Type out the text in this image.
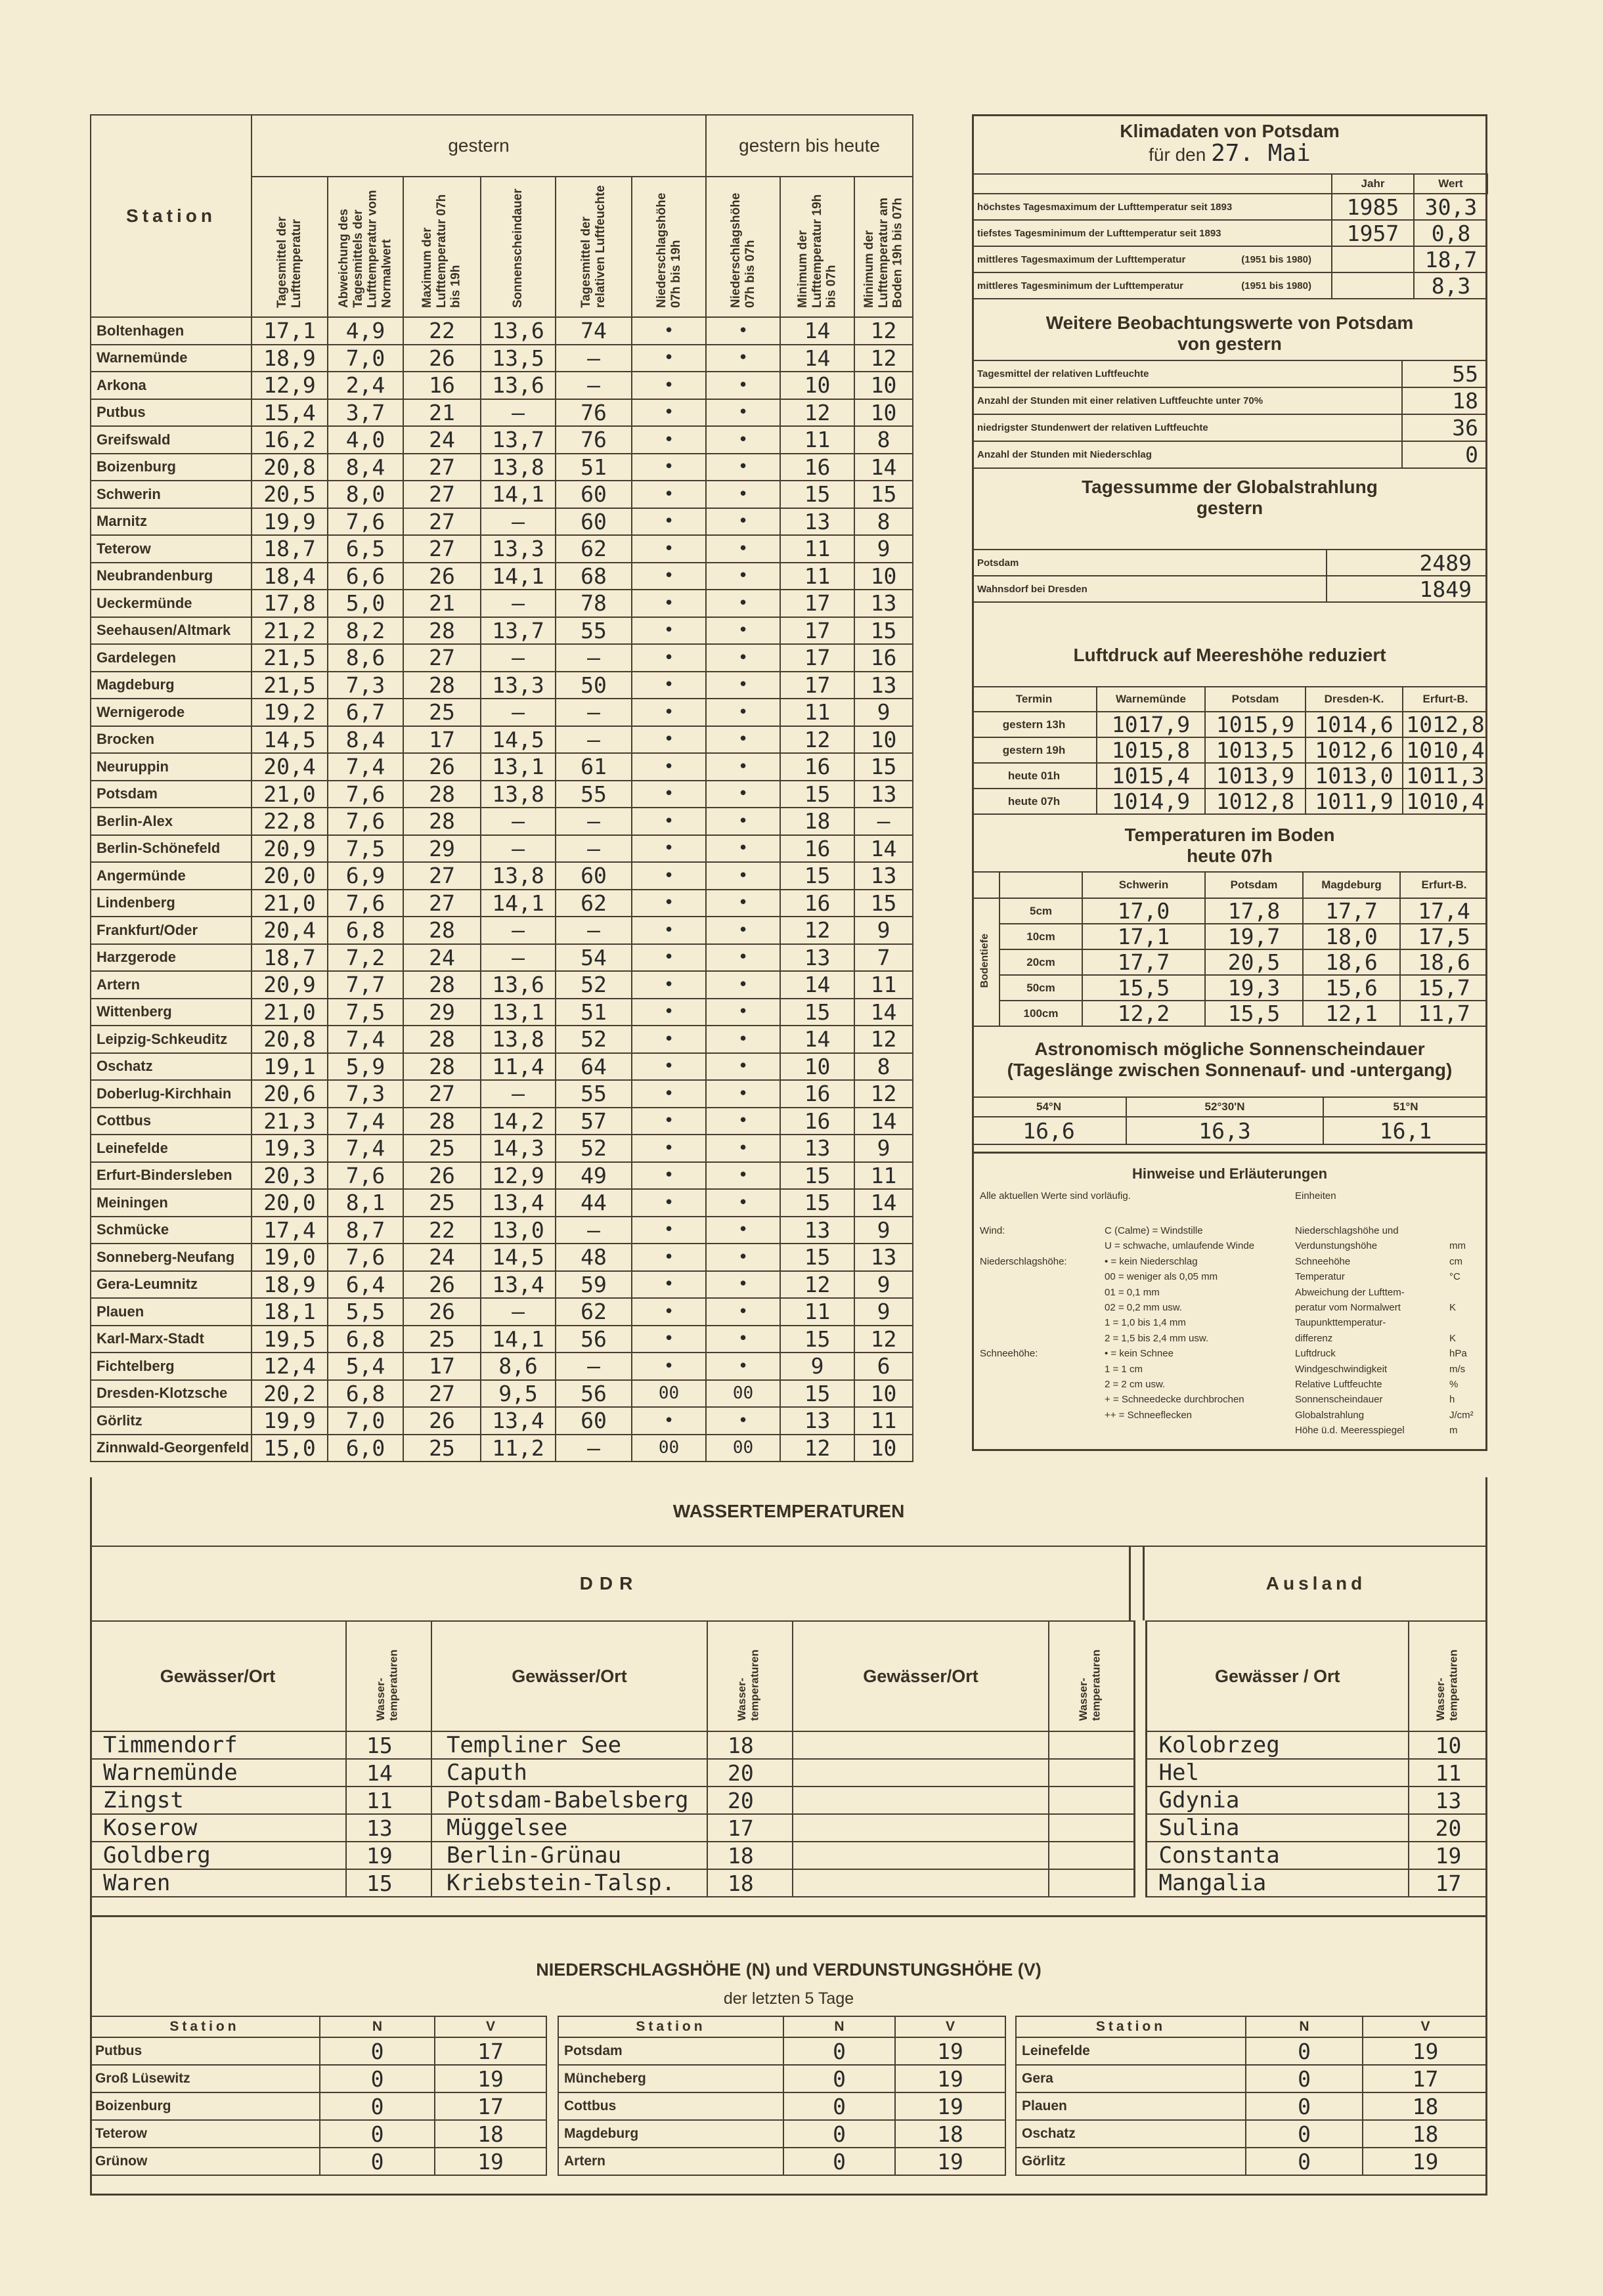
Station	gestern						gestern bis heute		
	Tagesmittel der Lufttemperatur	Abweichung des Tagesmittels der Lufttemperatur vom Normalwert	Maximum der Lufttemperatur 07h bis 19h	Sonnenscheindauer	Tagesmittel der relativen Luftfeuchte	Niederschlagshöhe 07h bis 19h	Niederschlagshöhe 07h bis 07h	Minimum der Lufttemperatur 19h bis 07h	Minimum der Lufttemperatur am Boden 19h bis 07h
Boltenhagen	17,1	4,9	22	13,6	74	•	•	14	12
Warnemünde	18,9	7,0	26	13,5	–	•	•	14	12
Arkona	12,9	2,4	16	13,6	–	•	•	10	10
Putbus	15,4	3,7	21	–	76	•	•	12	10
Greifswald	16,2	4,0	24	13,7	76	•	•	11	8
Boizenburg	20,8	8,4	27	13,8	51	•	•	16	14
Schwerin	20,5	8,0	27	14,1	60	•	•	15	15
Marnitz	19,9	7,6	27	–	60	•	•	13	8
Teterow	18,7	6,5	27	13,3	62	•	•	11	9
Neubrandenburg	18,4	6,6	26	14,1	68	•	•	11	10
Ueckermünde	17,8	5,0	21	–	78	•	•	17	13
Seehausen/Altmark	21,2	8,2	28	13,7	55	•	•	17	15
Gardelegen	21,5	8,6	27	–	–	•	•	17	16
Magdeburg	21,5	7,3	28	13,3	50	•	•	17	13
Wernigerode	19,2	6,7	25	–	–	•	•	11	9
Brocken	14,5	8,4	17	14,5	–	•	•	12	10
Neuruppin	20,4	7,4	26	13,1	61	•	•	16	15
Potsdam	21,0	7,6	28	13,8	55	•	•	15	13
Berlin-Alex	22,8	7,6	28	–	–	•	•	18	–
Berlin-Schönefeld	20,9	7,5	29	–	–	•	•	16	14
Angermünde	20,0	6,9	27	13,8	60	•	•	15	13
Lindenberg	21,0	7,6	27	14,1	62	•	•	16	15
Frankfurt/Oder	20,4	6,8	28	–	–	•	•	12	9
Harzgerode	18,7	7,2	24	–	54	•	•	13	7
Artern	20,9	7,7	28	13,6	52	•	•	14	11
Wittenberg	21,0	7,5	29	13,1	51	•	•	15	14
Leipzig-Schkeuditz	20,8	7,4	28	13,8	52	•	•	14	12
Oschatz	19,1	5,9	28	11,4	64	•	•	10	8
Doberlug-Kirchhain	20,6	7,3	27	–	55	•	•	16	12
Cottbus	21,3	7,4	28	14,2	57	•	•	16	14
Leinefelde	19,3	7,4	25	14,3	52	•	•	13	9
Erfurt-Bindersleben	20,3	7,6	26	12,9	49	•	•	15	11
Meiningen	20,0	8,1	25	13,4	44	•	•	15	14
Schmücke	17,4	8,7	22	13,0	–	•	•	13	9
Sonneberg-Neufang	19,0	7,6	24	14,5	48	•	•	15	13
Gera-Leumnitz	18,9	6,4	26	13,4	59	•	•	12	9
Plauen	18,1	5,5	26	–	62	•	•	11	9
Karl-Marx-Stadt	19,5	6,8	25	14,1	56	•	•	15	12
Fichtelberg	12,4	5,4	17	8,6	–	•	•	9	6
Dresden-Klotzsche	20,2	6,8	27	9,5	56	00	00	15	10
Görlitz	19,9	7,0	26	13,4	60	•	•	13	11
Zinnwald-Georgenfeld	15,0	6,0	25	11,2	–	00	00	12	10
Klimadaten von Potsdam
für den 27. Mai
	Jahr	Wert
höchstes Tagesmaximum der Lufttemperatur seit 1893	1985	30,3
tiefstes Tagesminimum der Lufttemperatur seit 1893	1957	0,8
mittleres Tagesmaximum der Lufttemperatur (1951 bis 1980)		18,7
mittleres Tagesminimum der Lufttemperatur (1951 bis 1980)		8,3
Weitere Beobachtungswerte von Potsdam
von gestern
Tagesmittel der relativen Luftfeuchte	55
Anzahl der Stunden mit einer relativen Luftfeuchte unter 70%	18
niedrigster Stundenwert der relativen Luftfeuchte	36
Anzahl der Stunden mit Niederschlag	0
Tagessumme der Globalstrahlung
gestern
Potsdam	2489
Wahnsdorf bei Dresden	1849
Luftdruck auf Meereshöhe reduziert
Termin	Warnemünde	Potsdam	Dresden-K.	Erfurt-B.
gestern 13h	1017,9	1015,9	1014,6	1012,8
gestern 19h	1015,8	1013,5	1012,6	1010,4
heute 01h	1015,4	1013,9	1013,0	1011,3
heute 07h	1014,9	1012,8	1011,9	1010,4
Temperaturen im Boden
heute 07h
		Schwerin	Potsdam	Magdeburg	Erfurt-B.
Bodentiefe	5cm	17,0	17,8	17,7	17,4
	10cm	17,1	19,7	18,0	17,5
	20cm	17,7	20,5	18,6	18,6
	50cm	15,5	19,3	15,6	15,7
	100cm	12,2	15,5	12,1	11,7
Astronomisch mögliche Sonnenscheindauer
(Tageslänge zwischen Sonnenauf- und -untergang)
54°N	52°30'N	51°N
16,6	16,3	16,1
Hinweise und Erläuterungen
Alle aktuellen Werte sind vorläufig.	Einheiten
Wind:	C (Calme) = Windstille
U = schwache, umlaufende Winde
Niederschlagshöhe:	• = kein Niederschlag
00 = weniger als 0,05 mm
01 = 0,1 mm
02 = 0,2 mm usw.
1 = 1,0 bis 1,4 mm
2 = 1,5 bis 2,4 mm usw.
Schneehöhe:	• = kein Schnee
1 = 1 cm
2 = 2 cm usw.
+ = Schneedecke durchbrochen
++ = Schneeflecken
Niederschlagshöhe und
Verdunstungshöhe	mm
Schneehöhe	cm
Temperatur	°C
Abweichung der Lufttem-
peratur vom Normalwert	K
Taupunkttemperatur-
differenz	K
Luftdruck	hPa
Windgeschwindigkeit	m/s
Relative Luftfeuchte	%
Sonnenscheindauer	h
Globalstrahlung	J/cm²
Höhe ü.d. Meeresspiegel	m
WASSERTEMPERATUREN
DDR	Ausland
Gewässer/Ort	Wasser-temperaturen	Gewässer/Ort	Wasser-temperaturen	Gewässer/Ort	Wasser-temperaturen		Gewässer / Ort	Wasser-temperaturen
Timmendorf	15	Templiner See	18				Kolobrzeg	10
Warnemünde	14	Caputh	20				Hel	11
Zingst	11	Potsdam-Babelsberg	20				Gdynia	13
Koserow	13	Müggelsee	17				Sulina	20
Goldberg	19	Berlin-Grünau	18				Constanta	19
Waren	15	Kriebstein-Talsp.	18				Mangalia	17
NIEDERSCHLAGSHÖHE (N) und VERDUNSTUNGSHÖHE (V)
der letzten 5 Tage
Station	N	V		Station	N	V		Station	N	V
Putbus	0	17		Potsdam	0	19		Leinefelde	0	19
Groß Lüsewitz	0	19		Müncheberg	0	19		Gera	0	17
Boizenburg	0	17		Cottbus	0	19		Plauen	0	18
Teterow	0	18		Magdeburg	0	18		Oschatz	0	18
Grünow	0	19		Artern	0	19		Görlitz	0	19
